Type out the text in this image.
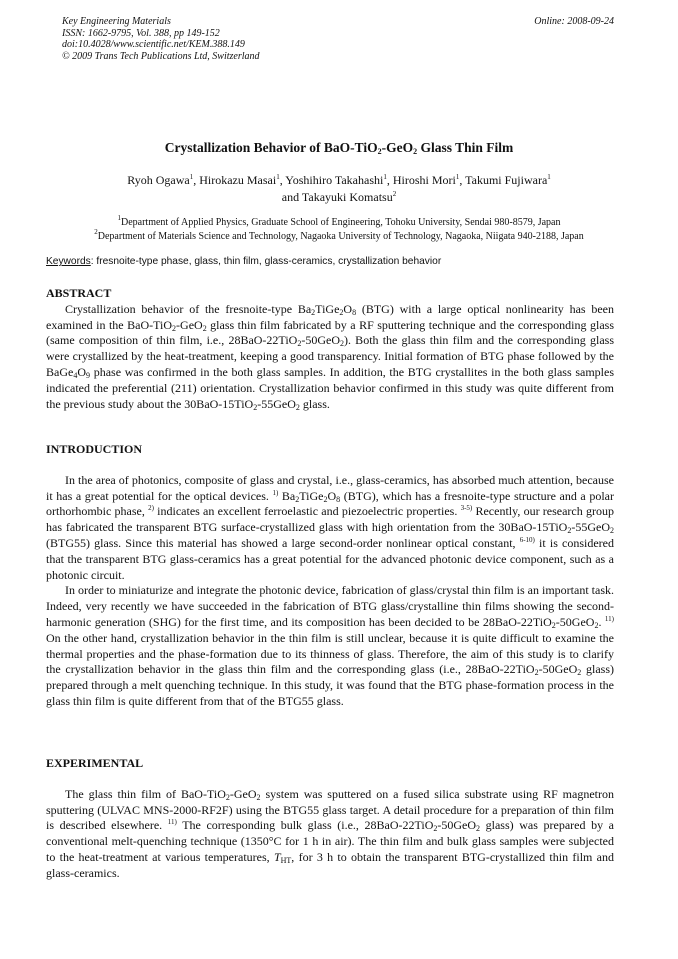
Key Engineering Materials
ISSN: 1662-9795, Vol. 388, pp 149-152
doi:10.4028/www.scientific.net/KEM.388.149
© 2009 Trans Tech Publications Ltd, Switzerland
Online: 2008-09-24
Crystallization Behavior of BaO-TiO$_2$-GeO$_2$ Glass Thin Film
Ryoh Ogawa$^1$, Hirokazu Masai$^1$, Yoshihiro Takahashi$^1$, Hiroshi Mori$^1$, Takumi Fujiwara$^1$
and Takayuki Komatsu$^2$
$^1$Department of Applied Physics, Graduate School of Engineering, Tohoku University, Sendai 980-8579, Japan
$^2$Department of Materials Science and Technology, Nagaoka University of Technology, Nagaoka, Niigata 940-2188, Japan
Keywords: fresnoite-type phase, glass, thin film, glass-ceramics, crystallization behavior
ABSTRACT

Crystallization behavior of the fresnoite-type $Ba_2TiGe_2O_8$ (BTG) with a large optical nonlinearity has been examined in the BaO-TiO$_2$-GeO$_2$ glass thin film fabricated by a RF sputtering technique and the corresponding glass (same composition of thin film, i.e., 28BaO-22TiO$_2$-50GeO$_2$). Both the glass thin film and the corresponding glass were crystallized by the heat-treatment, keeping a good transparency. Initial formation of BTG phase followed by the $BaGe_4O_9$ phase was confirmed in the both glass samples. In addition, the BTG crystallites in the both glass samples indicated the preferential (211) orientation. Crystallization behavior confirmed in this study was quite different from the previous study about the 30BaO-15TiO$_2$-55GeO$_2$ glass.

INTRODUCTION

In the area of photonics, composite of glass and crystal, i.e., glass-ceramics, has absorbed much attention, because it has a great potential for the optical devices. $^{1)}$ $Ba_2TiGe_2O_8$ (BTG), which has a fresnoite-type structure and a polar orthorhombic phase, $^{2)}$ indicates an excellent ferroelastic and piezoelectric properties. $^{3-5)}$ Recently, our research group has fabricated the transparent BTG surface-crystallized glass with high orientation from the 30BaO-15TiO$_2$-55GeO$_2$ (BTG55) glass. Since this material has showed a large second-order nonlinear optical constant, $^{6-10)}$ it is considered that the transparent BTG glass-ceramics has a great potential for the advanced photonic device component, such as a photonic circuit.

In order to miniaturize and integrate the photonic device, fabrication of glass/crystal thin film is an important task. Indeed, very recently we have succeeded in the fabrication of BTG glass/crystalline thin films showing the second-harmonic generation (SHG) for the first time, and its composition has been decided to be 28BaO-22TiO$_2$-50GeO$_2$. $^{11)}$ On the other hand, crystallization behavior in the thin film is still unclear, because it is quite difficult to examine the thermal properties and the phase-formation due to its thinness of glass. Therefore, the aim of this study is to clarify the crystallization behavior in the glass thin film and the corresponding glass (i.e., 28BaO-22TiO$_2$-50GeO$_2$ glass) prepared through a melt quenching technique. In this study, it was found that the BTG phase-formation process in the glass thin film is quite different from that of the BTG55 glass.

EXPERIMENTAL

The glass thin film of BaO-TiO$_2$-GeO$_2$ system was sputtered on a fused silica substrate using RF magnetron sputtering (ULVAC MNS-2000-RF2F) using the BTG55 glass target. A detail procedure for a preparation of thin film is described elsewhere. $^{11)}$ The corresponding bulk glass (i.e., 28BaO-22TiO$_2$-50GeO$_2$ glass) was prepared by a conventional melt-quenching technique (1350°C for 1 h in air). The thin film and bulk glass samples were subjected to the heat-treatment at various temperatures, $T_{HT}$, for 3 h to obtain the transparent BTG-crystallized thin film and glass-ceramics.
